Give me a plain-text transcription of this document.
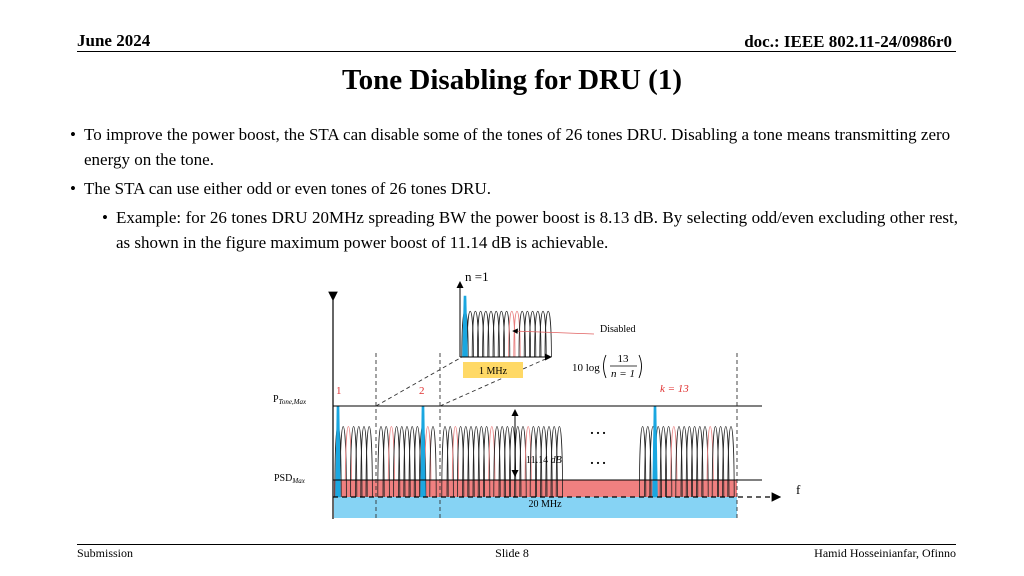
June 2024	doc.: IEEE 802.11-24/0986r0
Tone Disabling for DRU (1)
• To improve the power boost, the STA can disable some of the tones of 26 tones DRU. Disabling a tone means transmitting zero energy on the tone.
• The STA can use either odd or even tones of 26 tones DRU.
• Example: for 26 tones DRU 20MHz spreading BW the power boost is 8.13 dB. By selecting odd/even excluding other rest, as shown in the figure maximum power boost of 11.14 dB is achievable.
n =1
Disabled
1 MHz	10 log
13
n = 1
1	2	k = 13
$P_{Tone,Max}$
$PSD_{Max}$
11.14 dB
…
…
20 MHz
f
Submission	Slide 8	Hamid Hosseinianfar, Ofinno
